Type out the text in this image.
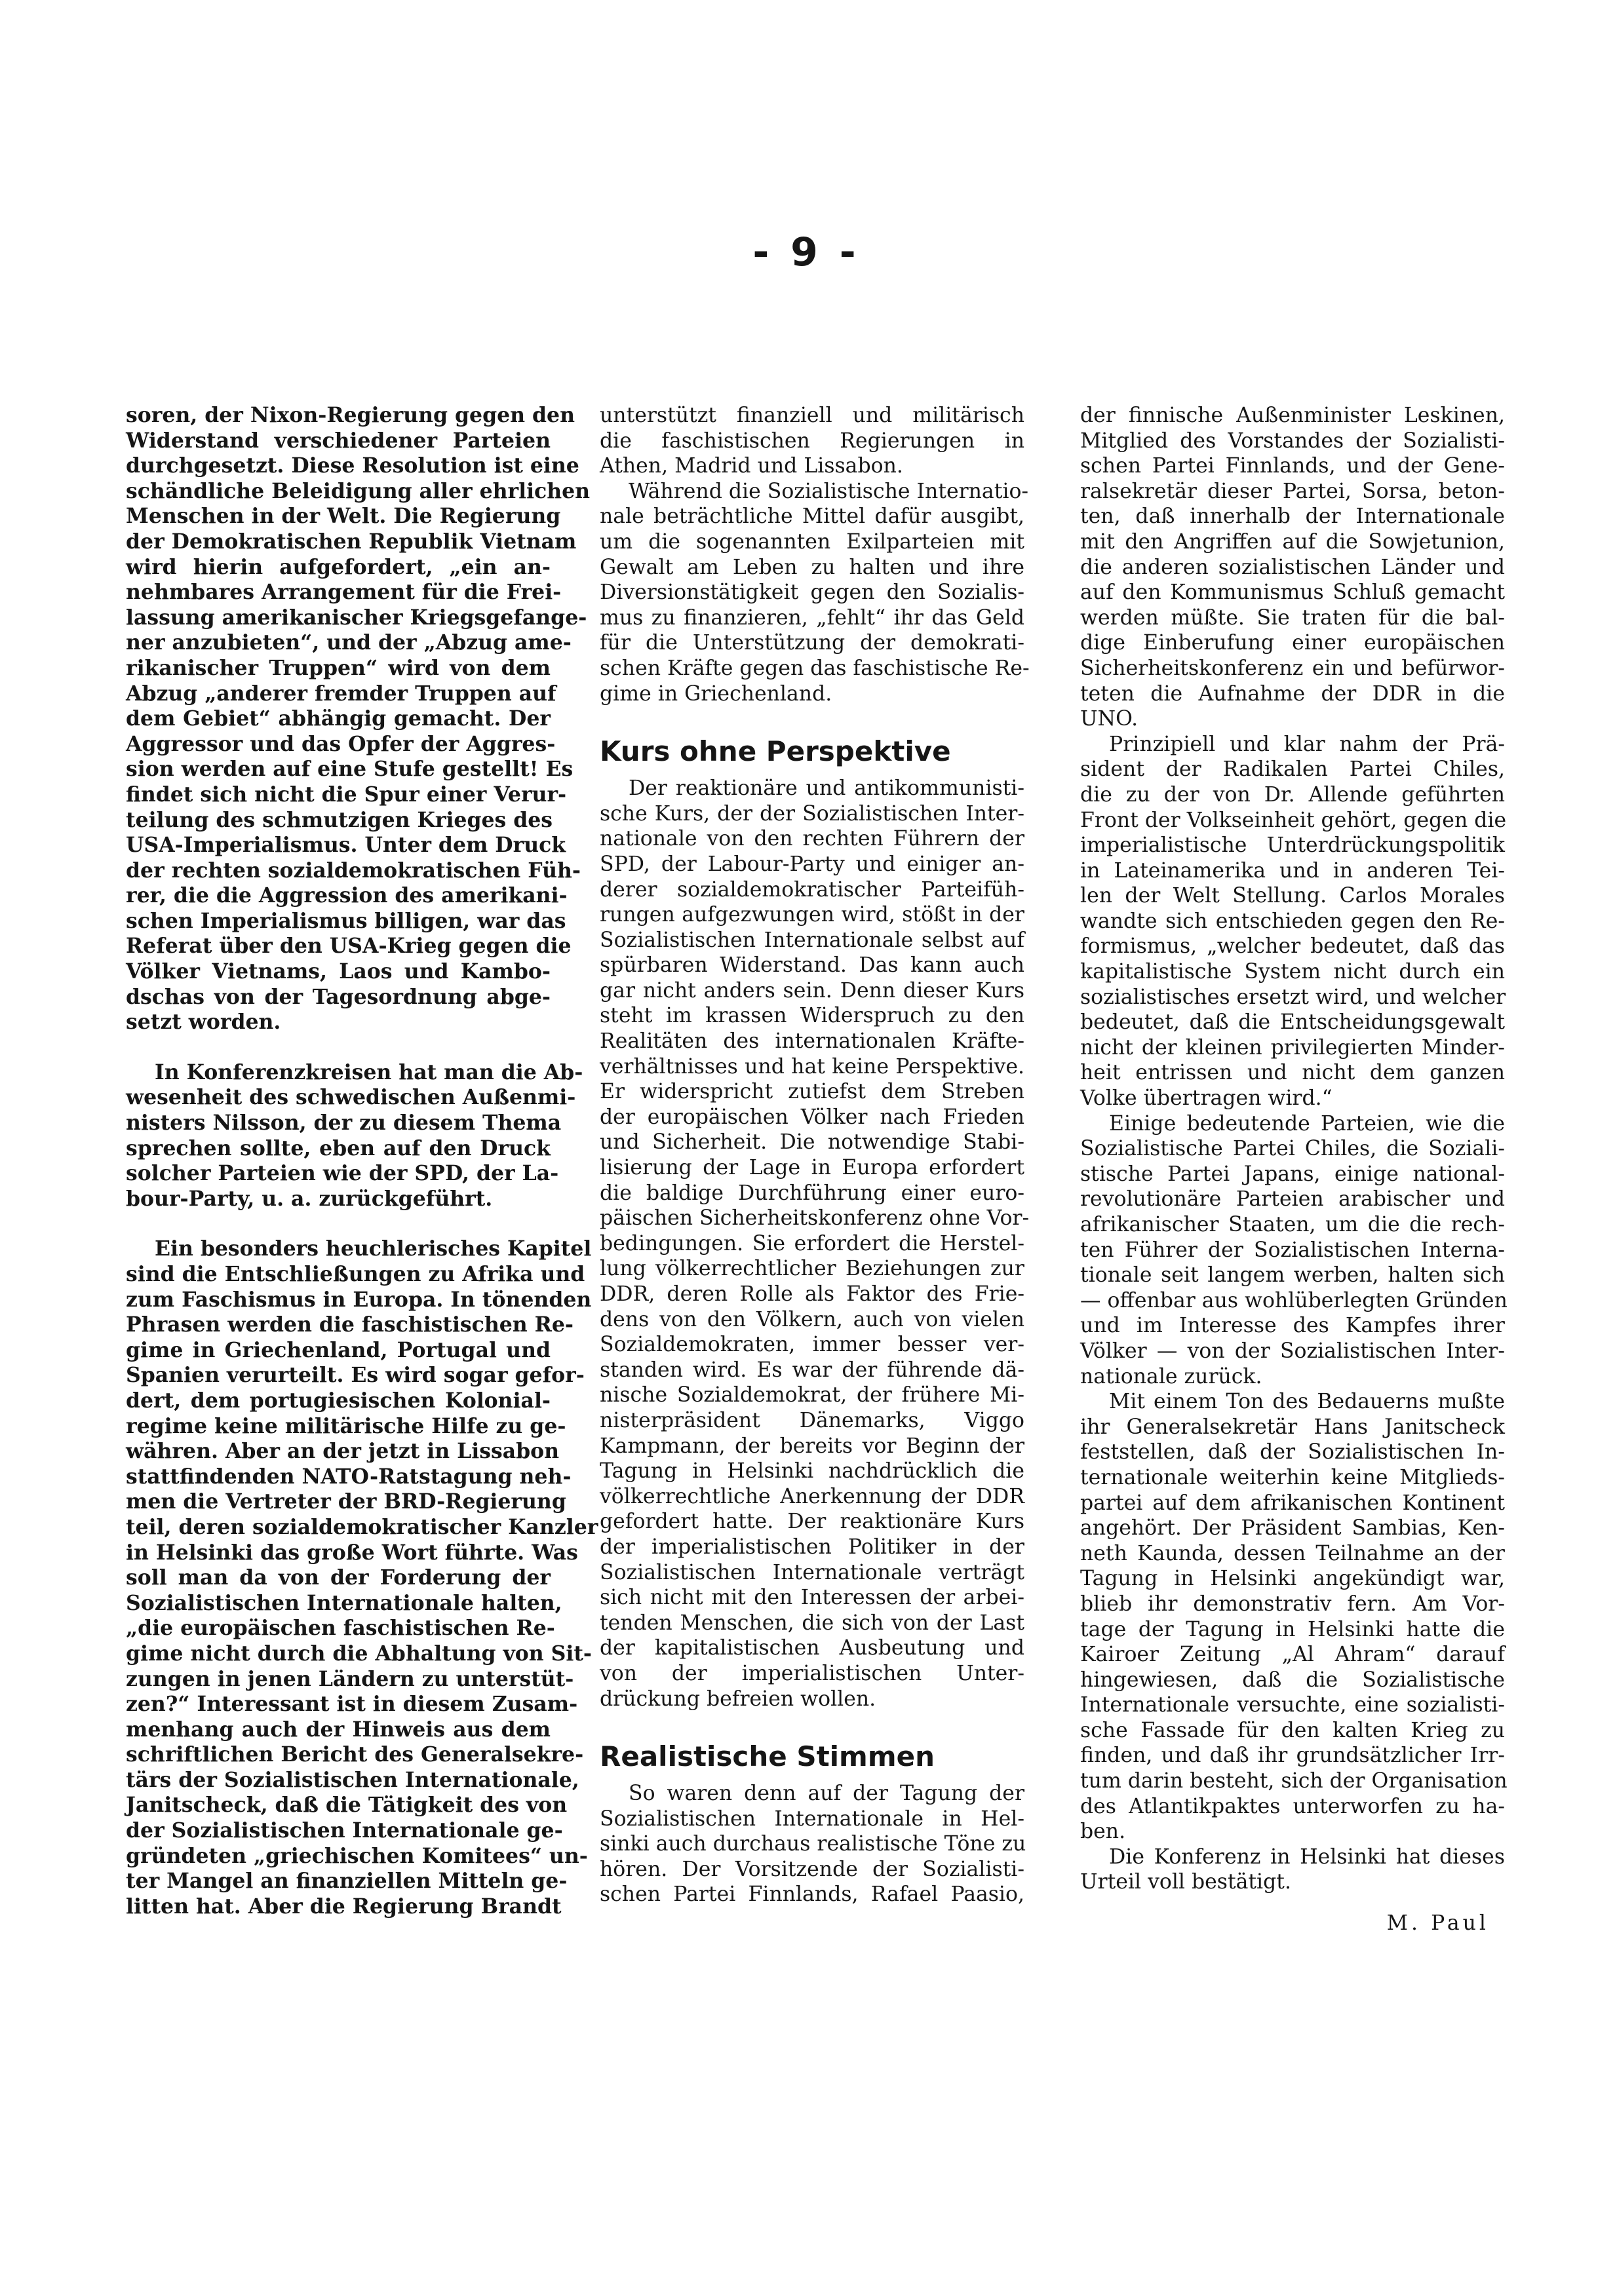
- 9 -
soren, der Nixon-Regierung gegen den
Widerstand verschiedener Parteien
durchgesetzt. Diese Resolution ist eine
schändliche Beleidigung aller ehrlichen
Menschen in der Welt. Die Regierung
der Demokratischen Republik Vietnam
wird hierin aufgefordert, „ein an-
nehmbares Arrangement für die Frei-
lassung amerikanischer Kriegsgefange-
ner anzubieten“, und der „Abzug ame-
rikanischer Truppen“ wird von dem
Abzug „anderer fremder Truppen auf
dem Gebiet“ abhängig gemacht. Der
Aggressor und das Opfer der Aggres-
sion werden auf eine Stufe gestellt! Es
findet sich nicht die Spur einer Verur-
teilung des schmutzigen Krieges des
USA-Imperialismus. Unter dem Druck
der rechten sozialdemokratischen Füh-
rer, die die Aggression des amerikani-
schen Imperialismus billigen, war das
Referat über den USA-Krieg gegen die
Völker Vietnams, Laos und Kambo-
dschas von der Tagesordnung abge-
setzt worden.
In Konferenzkreisen hat man die Ab-
wesenheit des schwedischen Außenmi-
nisters Nilsson, der zu diesem Thema
sprechen sollte, eben auf den Druck
solcher Parteien wie der SPD, der La-
bour-Party, u. a. zurückgeführt.
Ein besonders heuchlerisches Kapitel
sind die Entschließungen zu Afrika und
zum Faschismus in Europa. In tönenden
Phrasen werden die faschistischen Re-
gime in Griechenland, Portugal und
Spanien verurteilt. Es wird sogar gefor-
dert, dem portugiesischen Kolonial-
regime keine militärische Hilfe zu ge-
währen. Aber an der jetzt in Lissabon
stattfindenden NATO-Ratstagung neh-
men die Vertreter der BRD-Regierung
teil, deren sozialdemokratischer Kanzler
in Helsinki das große Wort führte. Was
soll man da von der Forderung der
Sozialistischen Internationale halten,
„die europäischen faschistischen Re-
gime nicht durch die Abhaltung von Sit-
zungen in jenen Ländern zu unterstüt-
zen?“ Interessant ist in diesem Zusam-
menhang auch der Hinweis aus dem
schriftlichen Bericht des Generalsekre-
tärs der Sozialistischen Internationale,
Janitscheck, daß die Tätigkeit des von
der Sozialistischen Internationale ge-
gründeten „griechischen Komitees“ un-
ter Mangel an finanziellen Mitteln ge-
litten hat. Aber die Regierung Brandt
unterstützt finanziell und militärisch
die faschistischen Regierungen in
Athen, Madrid und Lissabon.
Während die Sozialistische Internatio-
nale beträchtliche Mittel dafür ausgibt,
um die sogenannten Exilparteien mit
Gewalt am Leben zu halten und ihre
Diversionstätigkeit gegen den Sozialis-
mus zu finanzieren, „fehlt“ ihr das Geld
für die Unterstützung der demokrati-
schen Kräfte gegen das faschistische Re-
gime in Griechenland.
Kurs ohne Perspektive
Der reaktionäre und antikommunisti-
sche Kurs, der der Sozialistischen Inter-
nationale von den rechten Führern der
SPD, der Labour-Party und einiger an-
derer sozialdemokratischer Parteifüh-
rungen aufgezwungen wird, stößt in der
Sozialistischen Internationale selbst auf
spürbaren Widerstand. Das kann auch
gar nicht anders sein. Denn dieser Kurs
steht im krassen Widerspruch zu den
Realitäten des internationalen Kräfte-
verhältnisses und hat keine Perspektive.
Er widerspricht zutiefst dem Streben
der europäischen Völker nach Frieden
und Sicherheit. Die notwendige Stabi-
lisierung der Lage in Europa erfordert
die baldige Durchführung einer euro-
päischen Sicherheitskonferenz ohne Vor-
bedingungen. Sie erfordert die Herstel-
lung völkerrechtlicher Beziehungen zur
DDR, deren Rolle als Faktor des Frie-
dens von den Völkern, auch von vielen
Sozialdemokraten, immer besser ver-
standen wird. Es war der führende dä-
nische Sozialdemokrat, der frühere Mi-
nisterpräsident Dänemarks, Viggo
Kampmann, der bereits vor Beginn der
Tagung in Helsinki nachdrücklich die
völkerrechtliche Anerkennung der DDR
gefordert hatte. Der reaktionäre Kurs
der imperialistischen Politiker in der
Sozialistischen Internationale verträgt
sich nicht mit den Interessen der arbei-
tenden Menschen, die sich von der Last
der kapitalistischen Ausbeutung und
von der imperialistischen Unter-
drückung befreien wollen.
Realistische Stimmen
So waren denn auf der Tagung der
Sozialistischen Internationale in Hel-
sinki auch durchaus realistische Töne zu
hören. Der Vorsitzende der Sozialisti-
schen Partei Finnlands, Rafael Paasio,
der finnische Außenminister Leskinen,
Mitglied des Vorstandes der Sozialisti-
schen Partei Finnlands, und der Gene-
ralsekretär dieser Partei, Sorsa, beton-
ten, daß innerhalb der Internationale
mit den Angriffen auf die Sowjetunion,
die anderen sozialistischen Länder und
auf den Kommunismus Schluß gemacht
werden müßte. Sie traten für die bal-
dige Einberufung einer europäischen
Sicherheitskonferenz ein und befürwor-
teten die Aufnahme der DDR in die
UNO.
Prinzipiell und klar nahm der Prä-
sident der Radikalen Partei Chiles,
die zu der von Dr. Allende geführten
Front der Volkseinheit gehört, gegen die
imperialistische Unterdrückungspolitik
in Lateinamerika und in anderen Tei-
len der Welt Stellung. Carlos Morales
wandte sich entschieden gegen den Re-
formismus, „welcher bedeutet, daß das
kapitalistische System nicht durch ein
sozialistisches ersetzt wird, und welcher
bedeutet, daß die Entscheidungsgewalt
nicht der kleinen privilegierten Minder-
heit entrissen und nicht dem ganzen
Volke übertragen wird.“
Einige bedeutende Parteien, wie die
Sozialistische Partei Chiles, die Soziali-
stische Partei Japans, einige national-
revolutionäre Parteien arabischer und
afrikanischer Staaten, um die die rech-
ten Führer der Sozialistischen Interna-
tionale seit langem werben, halten sich
— offenbar aus wohlüberlegten Gründen
und im Interesse des Kampfes ihrer
Völker — von der Sozialistischen Inter-
nationale zurück.
Mit einem Ton des Bedauerns mußte
ihr Generalsekretär Hans Janitscheck
feststellen, daß der Sozialistischen In-
ternationale weiterhin keine Mitglieds-
partei auf dem afrikanischen Kontinent
angehört. Der Präsident Sambias, Ken-
neth Kaunda, dessen Teilnahme an der
Tagung in Helsinki angekündigt war,
blieb ihr demonstrativ fern. Am Vor-
tage der Tagung in Helsinki hatte die
Kairoer Zeitung „Al Ahram“ darauf
hingewiesen, daß die Sozialistische
Internationale versuchte, eine sozialisti-
sche Fassade für den kalten Krieg zu
finden, und daß ihr grundsätzlicher Irr-
tum darin besteht, sich der Organisation
des Atlantikpaktes unterworfen zu ha-
ben.
Die Konferenz in Helsinki hat dieses
Urteil voll bestätigt.
M. Paul
